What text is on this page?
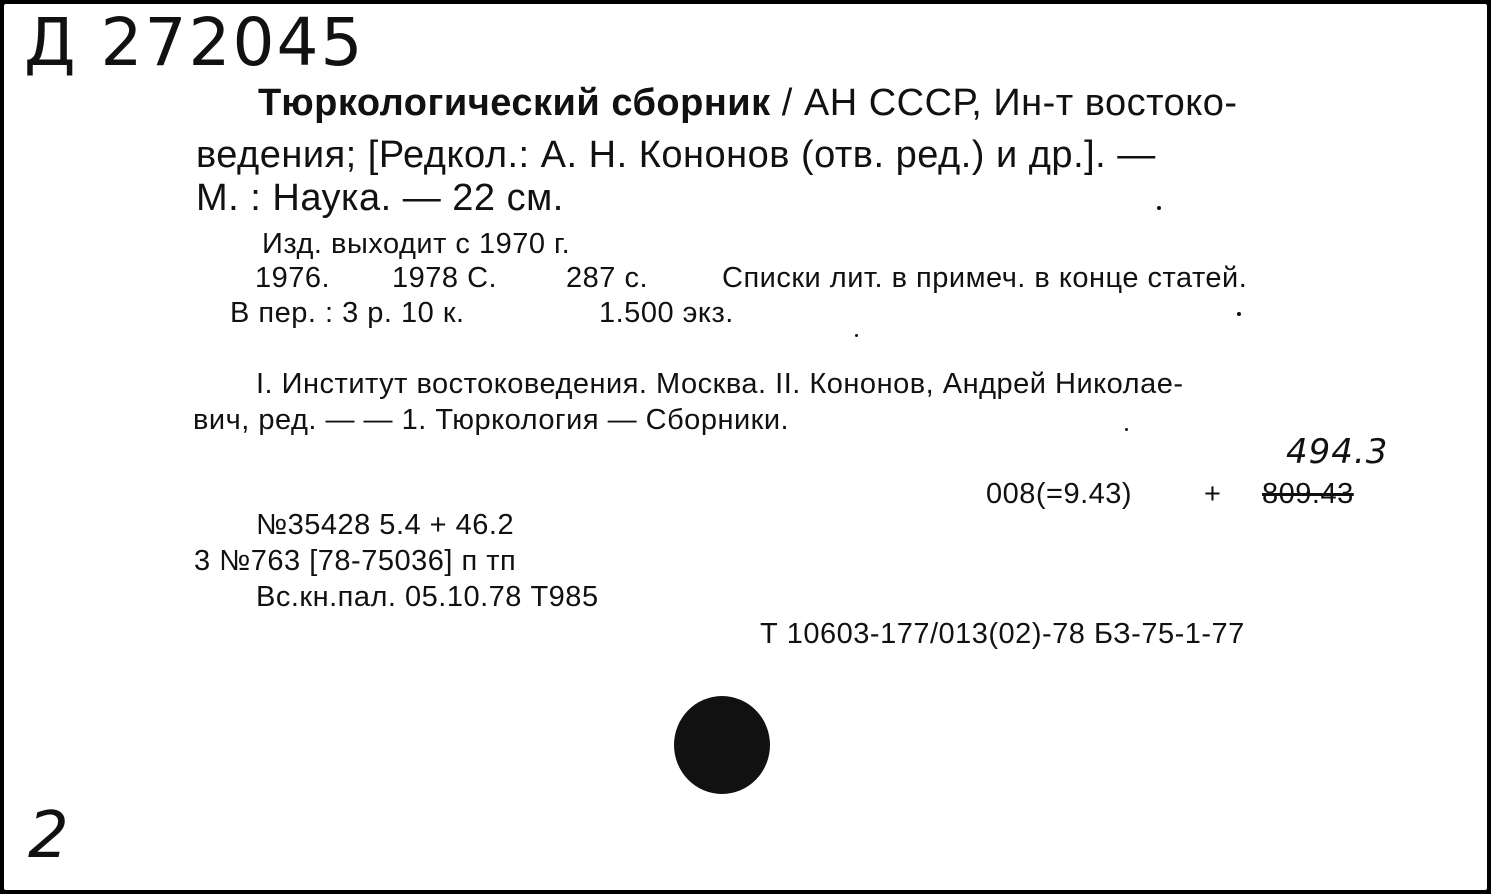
Д 272045
Тюркологический сборник / АН СССР, Ин-т востоко-
ведения; [Редкол.: А. Н. Кононов (отв. ред.) и др.]. —
М. : Наука. — 22 см.
Изд. выходит с 1970 г.
1976. 1978 С. 287 с.	Списки лит. в примеч. в конце статей.
В пер. : 3 р. 10 к.	1.500 экз.
I. Институт востоковедения. Москва. II. Кононов, Андрей Николае-
вич, ред. — — 1. Тюркология — Сборники.
494.3
008(=9.43) + 809.43
№35428 5.4 + 46.2
3 №763 [78-75036] п тп
Вс.кн.пал. 05.10.78 Т985
Т 10603-177/013(02)-78 БЗ-75-1-77
2
